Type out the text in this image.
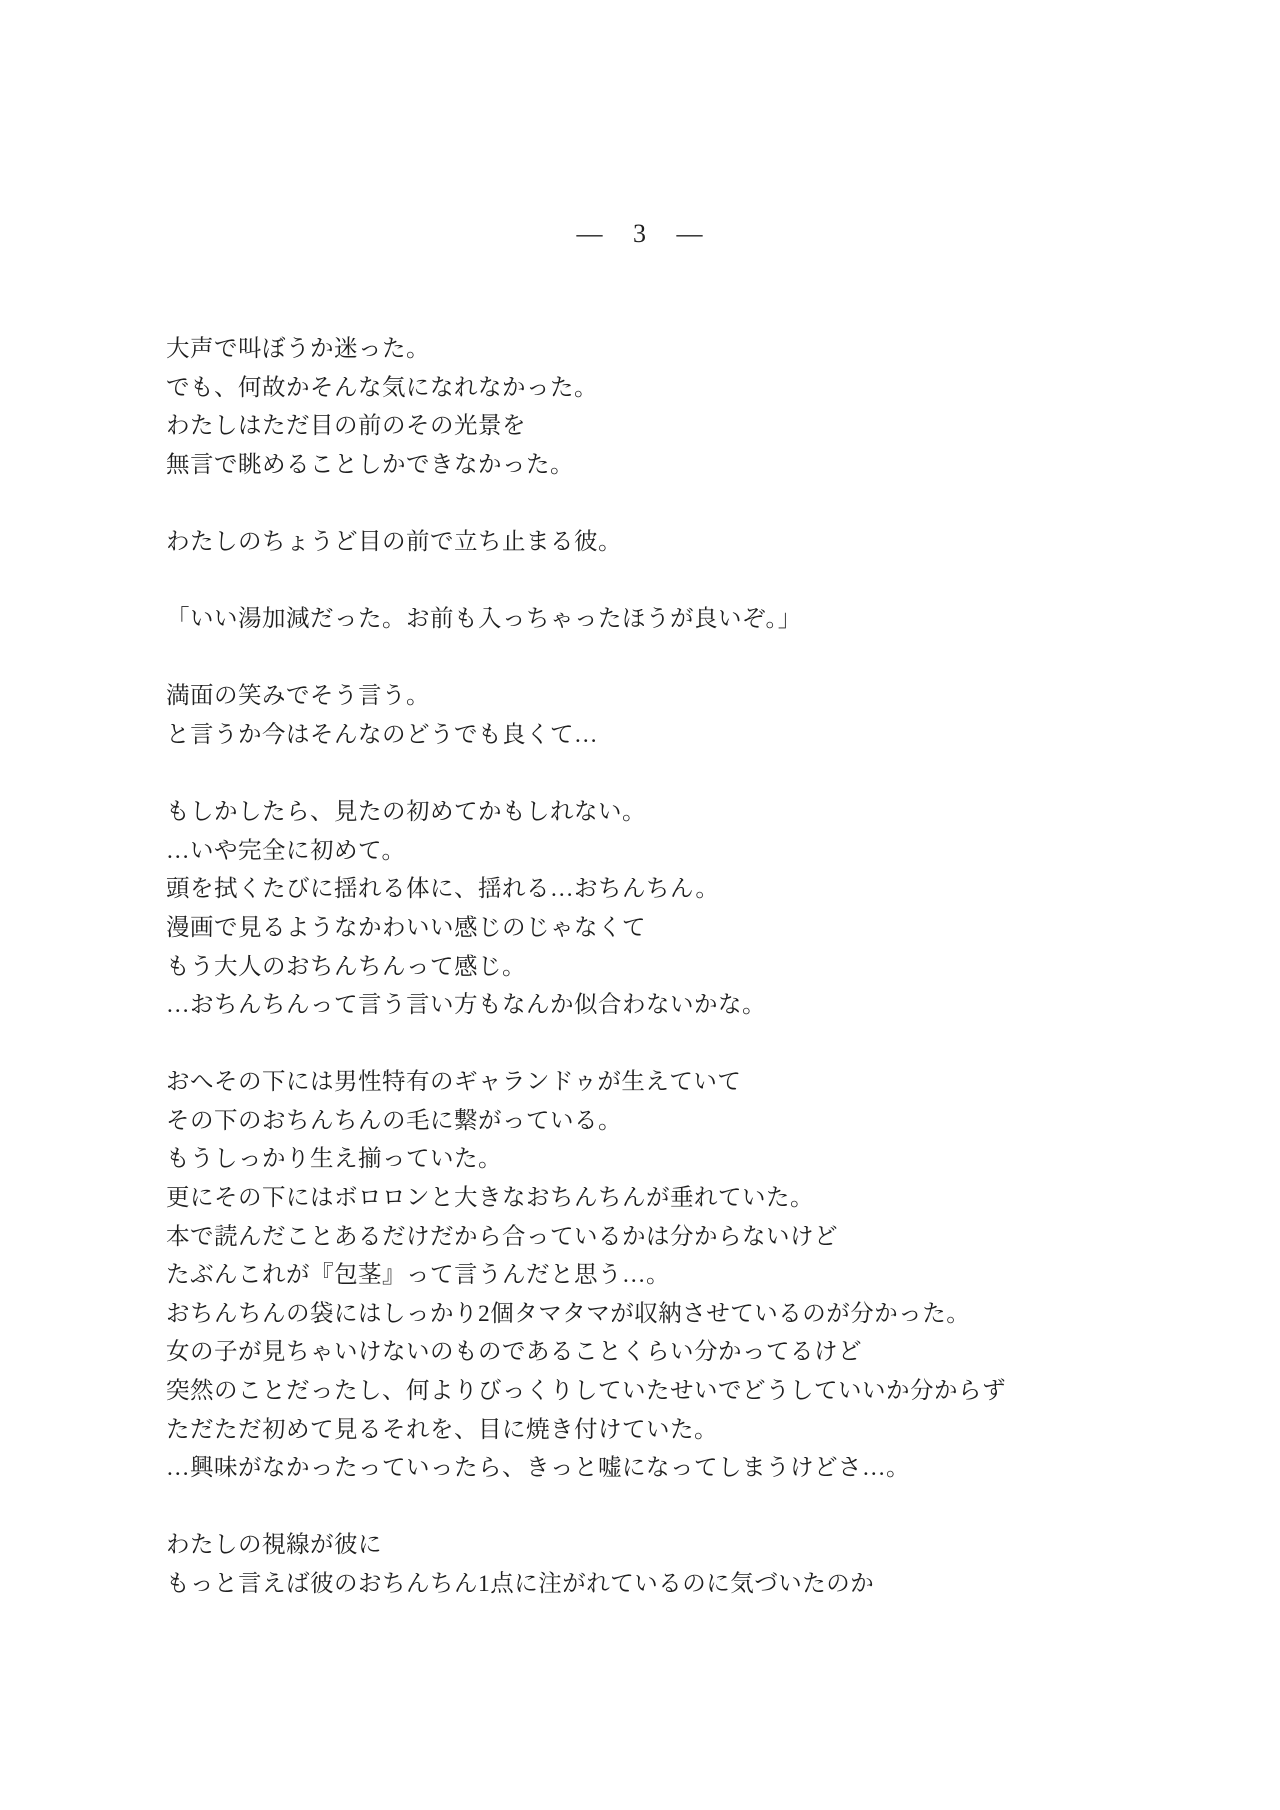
— 3 —
大声で叫ぼうか迷った。
でも、何故かそんな気になれなかった。
わたしはただ目の前のその光景を
無言で眺めることしかできなかった。
わたしのちょうど目の前で立ち止まる彼。
「いい湯加減だった。お前も入っちゃったほうが良いぞ。」
満面の笑みでそう言う。
と言うか今はそんなのどうでも良くて…
もしかしたら、見たの初めてかもしれない。
…いや完全に初めて。
頭を拭くたびに揺れる体に、揺れる…おちんちん。
漫画で見るようなかわいい感じのじゃなくて
もう大人のおちんちんって感じ。
…おちんちんって言う言い方もなんか似合わないかな。
おへその下には男性特有のギャランドゥが生えていて
その下のおちんちんの毛に繋がっている。
もうしっかり生え揃っていた。
更にその下にはボロロンと大きなおちんちんが垂れていた。
本で読んだことあるだけだから合っているかは分からないけど
たぶんこれが『包茎』って言うんだと思う…。
おちんちんの袋にはしっかり2個タマタマが収納させているのが分かった。
女の子が見ちゃいけないのものであることくらい分かってるけど
突然のことだったし、何よりびっくりしていたせいでどうしていいか分からず
ただただ初めて見るそれを、目に焼き付けていた。
…興味がなかったっていったら、きっと嘘になってしまうけどさ…。
わたしの視線が彼に
もっと言えば彼のおちんちん1点に注がれているのに気づいたのか
